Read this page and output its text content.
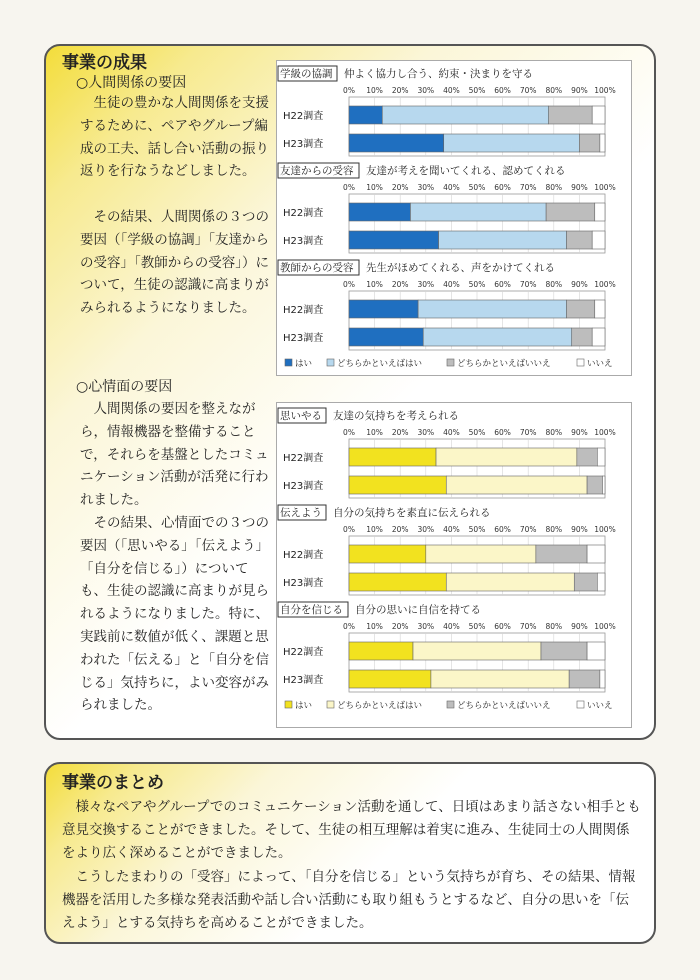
事業の成果
○人間関係の要因

　生徒の豊かな人間関係を支援するために、ペアやグループ編成の工夫、話し合い活動の振り返りを行なうなどしました。

　その結果、人間関係の３つの要因（「学級の協調」「友達からの受容」「教師からの受容」）について，生徒の認識に高まりがみられるようになりました。

○心情面の要因

　人間関係の要因を整えながら，情報機器を整備することで，それらを基盤としたコミュニケーション活動が活発に行われました。

　その結果、心情面での３つの要因（「思いやる」「伝えよう」「自分を信じる」）についても、生徒の認識に高まりが見られるようになりました。特に、実践前に数値が低く、課題と思われた「伝える」と「自分を信じる」気持ちに，よい変容がみられました。

学級の協調 仲よく協力し合う、約束・決まりを守る
0% 10% 20% 30% 40% 50% 60% 70% 80% 90% 100%
H22調査
H23調査
友達からの受容 友達が考えを聞いてくれる、認めてくれる
0% 10% 20% 30% 40% 50% 60% 70% 80% 90% 100%
H22調査
H23調査
教師からの受容 先生がほめてくれる、声をかけてくれる
0% 10% 20% 30% 40% 50% 60% 70% 80% 90% 100%
H22調査
H23調査
はい	どちらかといえばはい	どちらかといえばいいえ	いいえ
思いやる 友達の気持ちを考えられる
0% 10% 20% 30% 40% 50% 60% 70% 80% 90% 100%
H22調査
H23調査
伝えよう 自分の気持ちを素直に伝えられる
0% 10% 20% 30% 40% 50% 60% 70% 80% 90% 100%
H22調査
H23調査
自分を信じる 自分の思いに自信を持てる
0% 10% 20% 30% 40% 50% 60% 70% 80% 90% 100%
H22調査
H23調査
はい	どちらかといえばはい	どちらかといえばいいえ	いいえ
事業のまとめ

　様々なペアやグループでのコミュニケーション活動を通して、日頃はあまり話さない相手とも意見交換することができました。そして、生徒の相互理解は着実に進み、生徒同士の人間関係をより広く深めることができました。

　こうしたまわりの「受容」によって、「自分を信じる」という気持ちが育ち、その結果、情報機器を活用した多様な発表活動や話し合い活動にも取り組もうとするなど、自分の思いを「伝えよう」とする気持ちを高めることができました。
